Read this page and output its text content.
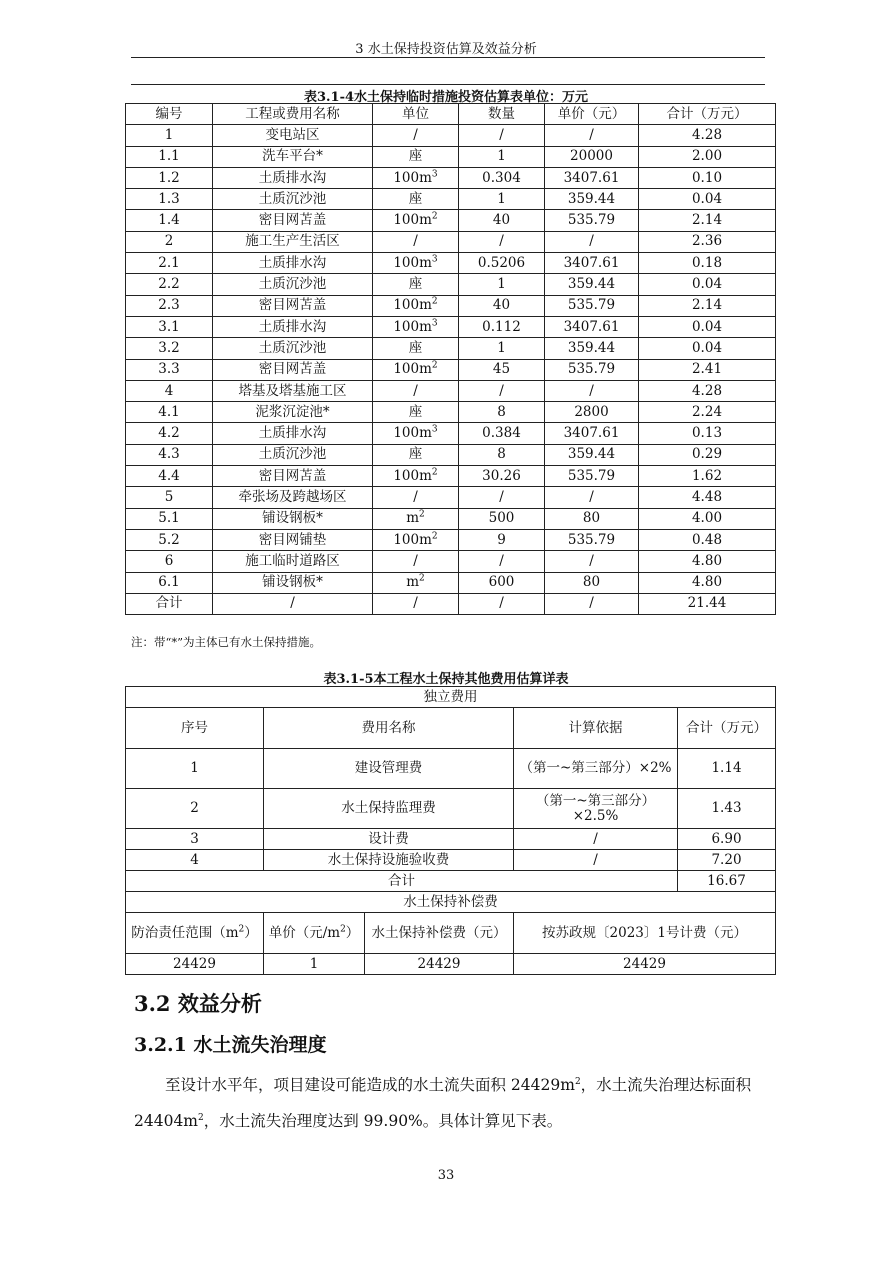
3 水土保持投资估算及效益分析
表3.1-4水土保持临时措施投资估算表单位：万元
编号	工程或费用名称	单位	数量	单价（元）	合计（万元）
1	变电站区	/	/	/	4.28
1.1	洗车平台*	座	1	20000	2.00
1.2	土质排水沟	$100m^3$	0.304	3407.61	0.10
1.3	土质沉沙池	座	1	359.44	0.04
1.4	密目网苫盖	$100m^2$	40	535.79	2.14
2	施工生产生活区	/	/	/	2.36
2.1	土质排水沟	$100m^3$	0.5206	3407.61	0.18
2.2	土质沉沙池	座	1	359.44	0.04
2.3	密目网苫盖	$100m^2$	40	535.79	2.14
3.1	土质排水沟	$100m^3$	0.112	3407.61	0.04
3.2	土质沉沙池	座	1	359.44	0.04
3.3	密目网苫盖	$100m^2$	45	535.79	2.41
4	塔基及塔基施工区	/	/	/	4.28
4.1	泥浆沉淀池*	座	8	2800	2.24
4.2	土质排水沟	$100m^3$	0.384	3407.61	0.13
4.3	土质沉沙池	座	8	359.44	0.29
4.4	密目网苫盖	$100m^2$	30.26	535.79	1.62
5	牵张场及跨越场区	/	/	/	4.48
5.1	铺设钢板*	$m^2$	500	80	4.00
5.2	密目网铺垫	$100m^2$	9	535.79	0.48
6	施工临时道路区	/	/	/	4.80
6.1	铺设钢板*	$m^2$	600	80	4.80
合计	/	/	/	/	21.44
注：带“*”为主体已有水土保持措施。
表3.1-5本工程水土保持其他费用估算详表
独立费用				
序号	费用名称		计算依据	合计（万元）
1	建设管理费		（第一~第三部分）×2%	1.14
2	水土保持监理费		（第一~第三部分）×2.5%	1.43
3	设计费		/	6.90
4	水土保持设施验收费		/	7.20
合计				16.67
水土保持补偿费				
防治责任范围$(m^2)$	单价（元$/m^2$）	水土保持补偿费（元）	按苏政规〔2023〕1号计费（元）	
24429	1	24429	24429	
3.2 效益分析
3.2.1 水土流失治理度
至设计水平年，项目建设可能造成的水土流失面积 $24429m^2$，水土流失治理达标面积 $24404m^2$，水土流失治理度达到 99.90%。具体计算见下表。
33
